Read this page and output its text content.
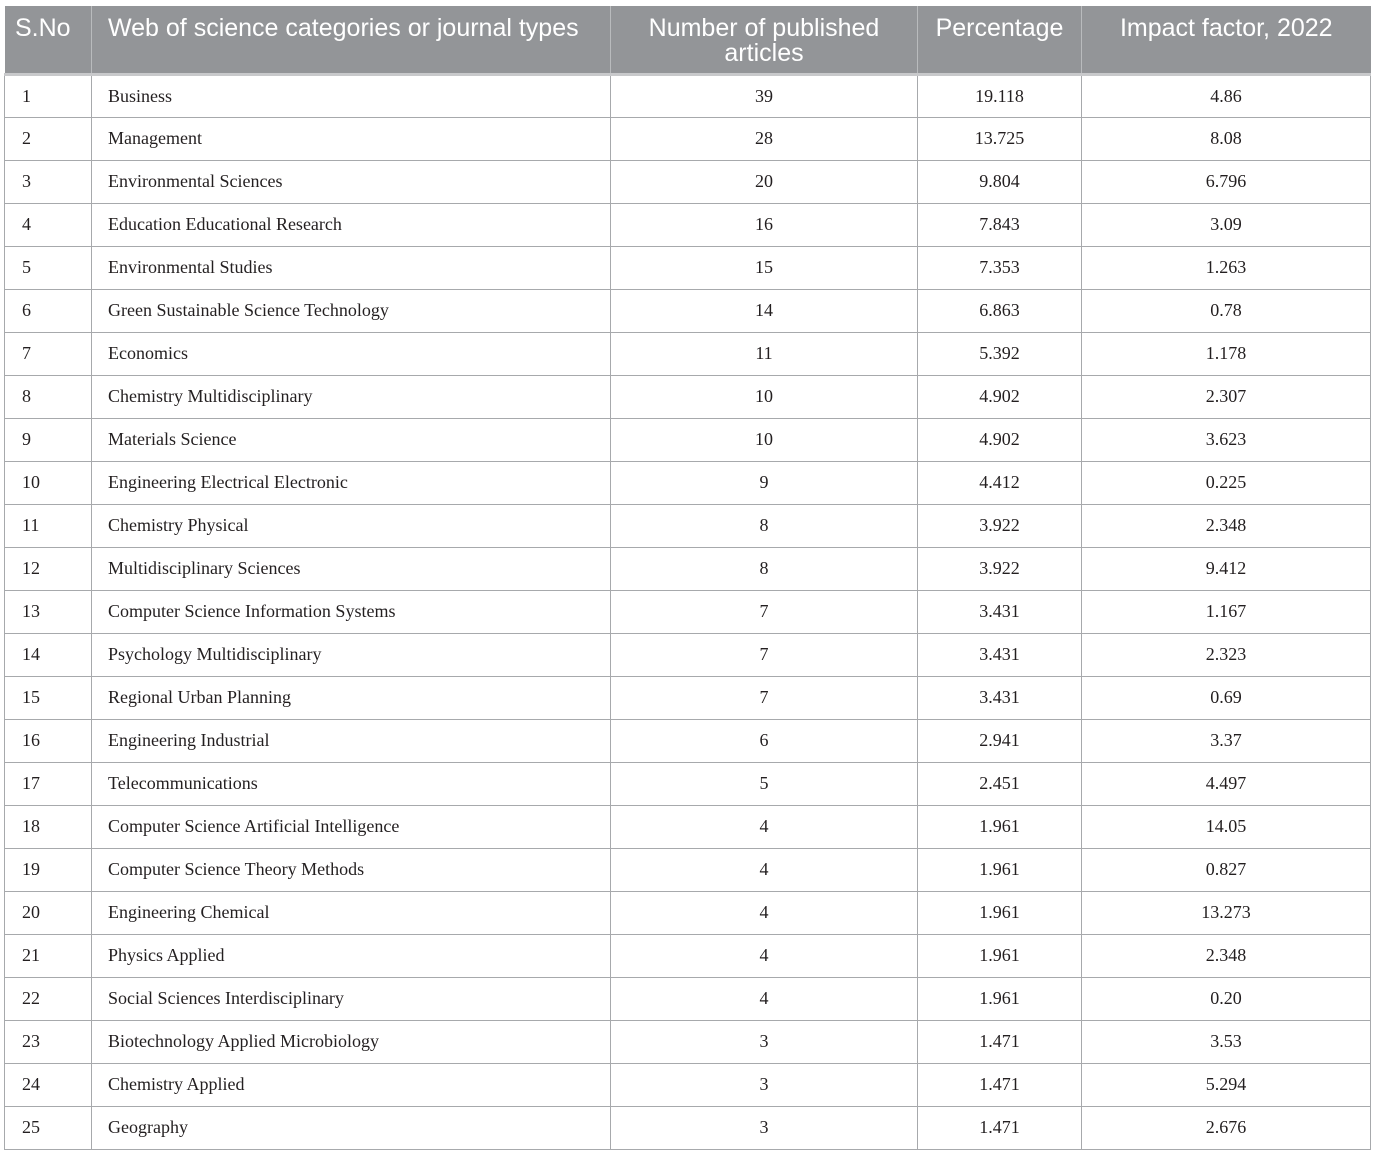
S.No	Web of science categories or journal types	Number of published articles	Percentage	Impact factor, 2022
1	Business	39	19.118	4.86
2	Management	28	13.725	8.08
3	Environmental Sciences	20	9.804	6.796
4	Education Educational Research	16	7.843	3.09
5	Environmental Studies	15	7.353	1.263
6	Green Sustainable Science Technology	14	6.863	0.78
7	Economics	11	5.392	1.178
8	Chemistry Multidisciplinary	10	4.902	2.307
9	Materials Science	10	4.902	3.623
10	Engineering Electrical Electronic	9	4.412	0.225
11	Chemistry Physical	8	3.922	2.348
12	Multidisciplinary Sciences	8	3.922	9.412
13	Computer Science Information Systems	7	3.431	1.167
14	Psychology Multidisciplinary	7	3.431	2.323
15	Regional Urban Planning	7	3.431	0.69
16	Engineering Industrial	6	2.941	3.37
17	Telecommunications	5	2.451	4.497
18	Computer Science Artificial Intelligence	4	1.961	14.05
19	Computer Science Theory Methods	4	1.961	0.827
20	Engineering Chemical	4	1.961	13.273
21	Physics Applied	4	1.961	2.348
22	Social Sciences Interdisciplinary	4	1.961	0.20
23	Biotechnology Applied Microbiology	3	1.471	3.53
24	Chemistry Applied	3	1.471	5.294
25	Geography	3	1.471	2.676
